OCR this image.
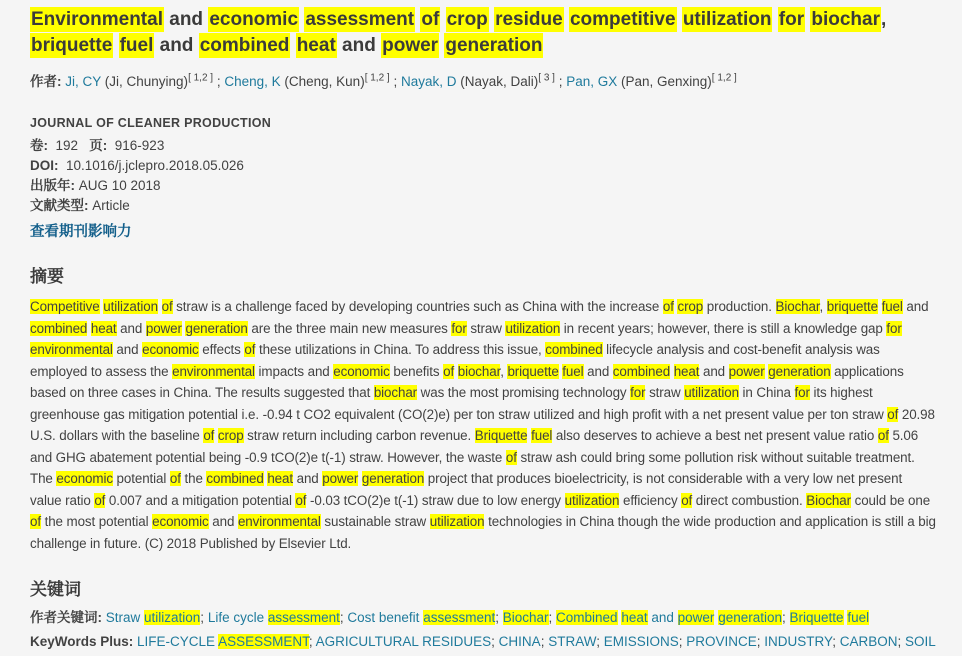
Environmental and economic assessment of crop residue competitive utilization for biochar, briquette fuel and combined heat and power generation

作者: Ji, CY (Ji, Chunying)[ 1,2 ] ; Cheng, K (Cheng, Kun)[ 1,2 ] ; Nayak, D (Nayak, Dali)[ 3 ] ; Pan, GX (Pan, Genxing)[ 1,2 ]

JOURNAL OF CLEANER PRODUCTION
卷:  192   页:  916-923
DOI:  10.1016/j.jclepro.2018.05.026
出版年: AUG 10 2018
文献类型: Article
查看期刊影响力
摘要

Competitive utilization of straw is a challenge faced by developing countries such as China with the increase of crop production. Biochar, briquette fuel and combined heat and power generation are the three main new measures for straw utilization in recent years; however, there is still a knowledge gap for environmental and economic effects of these utilizations in China. To address this issue, combined lifecycle analysis and cost-benefit analysis was employed to assess the environmental impacts and economic benefits of biochar, briquette fuel and combined heat and power generation applications based on three cases in China. The results suggested that biochar was the most promising technology for straw utilization in China for its highest greenhouse gas mitigation potential i.e. -0.94 t CO2 equivalent (CO(2)e) per ton straw utilized and high profit with a net present value per ton straw of 20.98 U.S. dollars with the baseline of crop straw return including carbon revenue. Briquette fuel also deserves to achieve a best net present value ratio of 5.06 and GHG abatement potential being -0.9 tCO(2)e t(-1) straw. However, the waste of straw ash could bring some pollution risk without suitable treatment. The economic potential of the combined heat and power generation project that produces bioelectricity, is not considerable with a very low net present value ratio of 0.007 and a mitigation potential of -0.03 tCO(2)e t(-1) straw due to low energy utilization efficiency of direct combustion. Biochar could be one of the most potential economic and environmental sustainable straw utilization technologies in China though the wide production and application is still a big challenge in future. (C) 2018 Published by Elsevier Ltd.

关键词

作者关键词: Straw utilization; Life cycle assessment; Cost benefit assessment; Biochar; Combined heat and power generation; Briquette fuel

KeyWords Plus: LIFE-CYCLE ASSESSMENT; AGRICULTURAL RESIDUES; CHINA; STRAW; EMISSIONS; PROVINCE; INDUSTRY; CARBON; SOIL
